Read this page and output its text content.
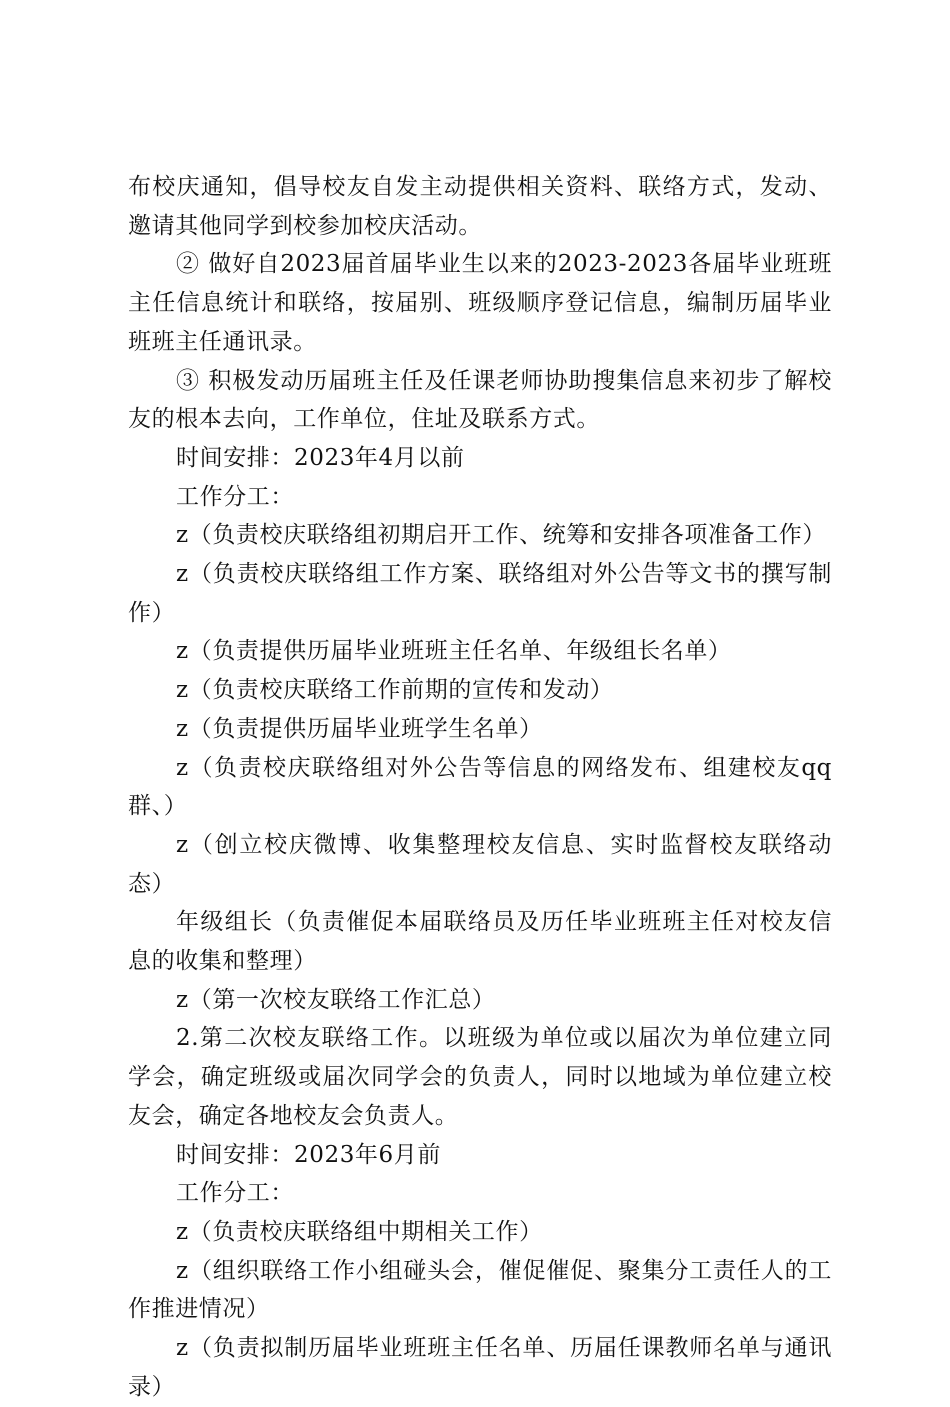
布校庆通知，倡导校友自发主动提供相关资料、联络方式，发动、邀请其他同学到校参加校庆活动。

② 做好自2023届首届毕业生以来的2023-2023各届毕业班班主任信息统计和联络，按届别、班级顺序登记信息，编制历届毕业班班主任通讯录。

③ 积极发动历届班主任及任课老师协助搜集信息来初步了解校友的根本去向，工作单位，住址及联系方式。

时间安排：2023年4月以前

工作分工：

z（负责校庆联络组初期启开工作、统筹和安排各项准备工作）

z（负责校庆联络组工作方案、联络组对外公告等文书的撰写制作）

z（负责提供历届毕业班班主任名单、年级组长名单）

z（负责校庆联络工作前期的宣传和发动）

z（负责提供历届毕业班学生名单）

z（负责校庆联络组对外公告等信息的网络发布、组建校友qq群、）

z（创立校庆微博、收集整理校友信息、实时监督校友联络动态）

年级组长（负责催促本届联络员及历任毕业班班主任对校友信息的收集和整理）

z（第一次校友联络工作汇总）

2.第二次校友联络工作。以班级为单位或以届次为单位建立同学会，确定班级或届次同学会的负责人，同时以地域为单位建立校友会，确定各地校友会负责人。

时间安排：2023年6月前

工作分工：

z（负责校庆联络组中期相关工作）

z（组织联络工作小组碰头会，催促催促、聚集分工责任人的工作推进情况）

z（负责拟制历届毕业班班主任名单、历届任课教师名单与通讯录）
